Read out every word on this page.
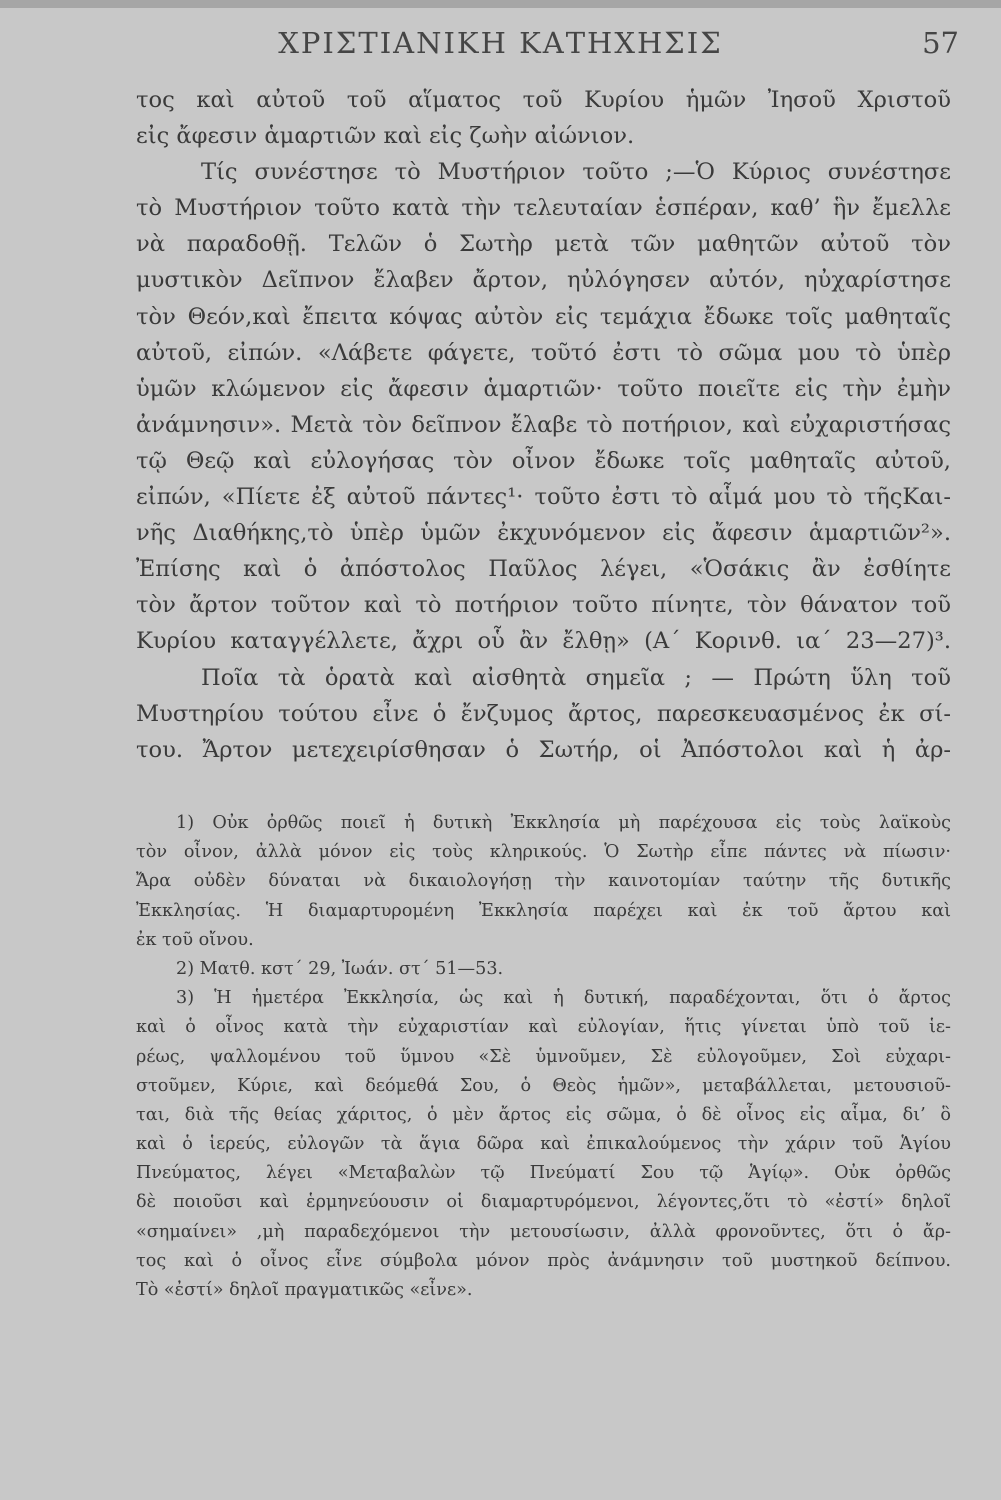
ΧΡΙΣΤΙΑΝΙΚΗ ΚΑΤΗΧΗΣΙΣ	57
τος καὶ αὐτοῦ τοῦ αἵματος τοῦ Κυρίου ἡμῶν Ἰησοῦ Χριστοῦ
εἰς ἄφεσιν ἁμαρτιῶν καὶ εἰς ζωὴν αἰώνιον.
Τίς συνέστησε τὸ Μυστήριον τοῦτο ;—Ὁ Κύριος συνέστησε
τὸ Μυστήριον τοῦτο κατὰ τὴν τελευταίαν ἑσπέραν, καθ’ ἣν ἔμελλε
νὰ παραδοθῇ. Τελῶν ὁ Σωτὴρ μετὰ τῶν μαθητῶν αὐτοῦ τὸν
μυστικὸν Δεῖπνον ἔλαβεν ἄρτον, ηὐλόγησεν αὐτόν, ηὐχαρίστησε
τὸν Θεόν,καὶ ἔπειτα κόψας αὐτὸν εἰς τεμάχια ἔδωκε τοῖς μαθηταῖς
αὐτοῦ, εἰπών. «Λάβετε φάγετε, τοῦτό ἐστι τὸ σῶμα μου τὸ ὑπὲρ
ὑμῶν κλώμενον εἰς ἄφεσιν ἁμαρτιῶν· τοῦτο ποιεῖτε εἰς τὴν ἐμὴν
ἀνάμνησιν». Μετὰ τὸν δεῖπνον ἔλαβε τὸ ποτήριον, καὶ εὐχαριστήσας
τῷ Θεῷ καὶ εὐλογήσας τὸν οἶνον ἔδωκε τοῖς μαθηταῖς αὐτοῦ,
εἰπών, «Πίετε ἐξ αὐτοῦ πάντες¹· τοῦτο ἐστι τὸ αἷμά μου τὸ τῆςΚαι-
νῆς Διαθήκης,τὸ ὑπὲρ ὑμῶν ἐκχυνόμενον εἰς ἄφεσιν ἁμαρτιῶν²».
Ἐπίσης καὶ ὁ ἀπόστολος Παῦλος λέγει, «Ὁσάκις ἂν ἐσθίητε
τὸν ἄρτον τοῦτον καὶ τὸ ποτήριον τοῦτο πίνητε, τὸν θάνατον τοῦ
Κυρίου καταγγέλλετε, ἄχρι οὗ ἂν ἔλθῃ» (Α΄ Κορινθ. ια΄ 23—27)³.
Ποῖα τὰ ὁρατὰ καὶ αἰσθητὰ σημεῖα ; — Πρώτη ὕλη τοῦ
Μυστηρίου τούτου εἶνε ὁ ἔνζυμος ἄρτος, παρεσκευασμένος ἐκ σί-
του. Ἄρτον μετεχειρίσθησαν ὁ Σωτήρ, οἱ Ἀπόστολοι καὶ ἡ ἀρ-
1) Οὐκ ὀρθῶς ποιεῖ ἡ δυτικὴ Ἐκκλησία μὴ παρέχουσα εἰς τοὺς λαϊκοὺς
τὸν οἶνον, ἀλλὰ μόνον εἰς τοὺς κληρικούς. Ὁ Σωτὴρ εἶπε πάντες νὰ πίωσιν·
Ἄρα οὐδὲν δύναται νὰ δικαιολογήσῃ τὴν καινοτομίαν ταύτην τῆς δυτικῆς
Ἐκκλησίας. Ἡ διαμαρτυρομένη Ἐκκλησία παρέχει καὶ ἐκ τοῦ ἄρτου καὶ
ἐκ τοῦ οἴνου.
2) Ματθ. κστ΄ 29, Ἰωάν. στ΄ 51—53.
3) Ἡ ἡμετέρα Ἐκκλησία, ὡς καὶ ἡ δυτική, παραδέχονται, ὅτι ὁ ἄρτος
καὶ ὁ οἶνος κατὰ τὴν εὐχαριστίαν καὶ εὐλογίαν, ἥτις γίνεται ὑπὸ τοῦ ἱε-
ρέως, ψαλλομένου τοῦ ὕμνου «Σὲ ὑμνοῦμεν, Σὲ εὐλογοῦμεν, Σοὶ εὐχαρι-
στοῦμεν, Κύριε, καὶ δεόμεθά Σου, ὁ Θεὸς ἡμῶν», μεταβάλλεται, μετουσιοῦ-
ται, διὰ τῆς θείας χάριτος, ὁ μὲν ἄρτος εἰς σῶμα, ὁ δὲ οἶνος εἰς αἷμα, δι’ ὃ
καὶ ὁ ἱερεύς, εὐλογῶν τὰ ἅγια δῶρα καὶ ἐπικαλούμενος τὴν χάριν τοῦ Ἁγίου
Πνεύματος, λέγει «Μεταβαλὼν τῷ Πνεύματί Σου τῷ Ἁγίῳ». Οὐκ ὀρθῶς
δὲ ποιοῦσι καὶ ἑρμηνεύουσιν οἱ διαμαρτυρόμενοι, λέγοντες,ὅτι τὸ «ἐστί» δηλοῖ
«σημαίνει» ,μὴ παραδεχόμενοι τὴν μετουσίωσιν, ἀλλὰ φρονοῦντες, ὅτι ὁ ἄρ-
τος καὶ ὁ οἶνος εἶνε σύμβολα μόνον πρὸς ἀνάμνησιν τοῦ μυστηκοῦ δείπνου.
Τὸ «ἐστί» δηλοῖ πραγματικῶς «εἶνε».
